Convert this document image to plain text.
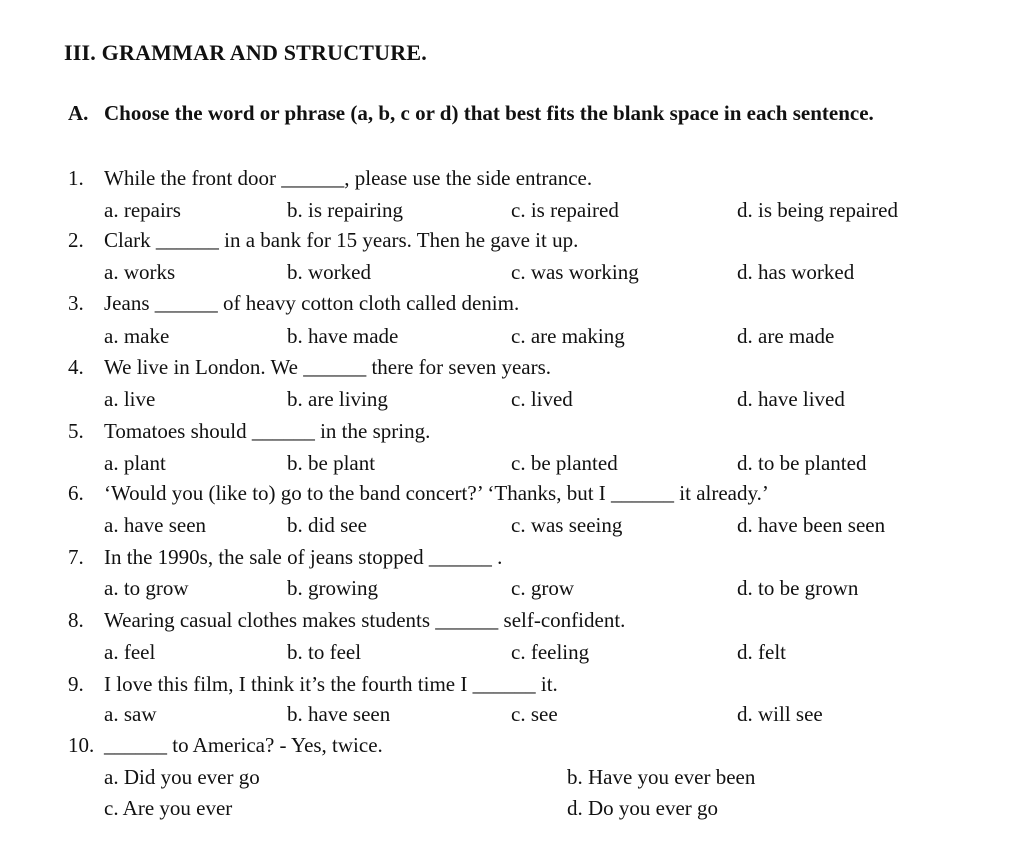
III. GRAMMAR AND STRUCTURE.
A. Choose the word or phrase (a, b, c or d) that best fits the blank space in each sentence.
1. While the front door ______, please use the side entrance.
a. repairs	b. is repairing	c. is repaired	d. is being repaired
2. Clark ______ in a bank for 15 years. Then he gave it up.
a. works	b. worked	c. was working	d. has worked
3. Jeans ______ of heavy cotton cloth called denim.
a. make	b. have made	c. are making	d. are made
4. We live in London. We ______ there for seven years.
a. live	b. are living	c. lived	d. have lived
5. Tomatoes should ______ in the spring.
a. plant	b. be plant	c. be planted	d. to be planted
6. ‘Would you (like to) go to the band concert?’ ‘Thanks, but I ______ it already.’
a. have seen	b. did see	c. was seeing	d. have been seen
7. In the 1990s, the sale of jeans stopped ______ .
a. to grow	b. growing	c. grow	d. to be grown
8. Wearing casual clothes makes students ______ self-confident.
a. feel	b. to feel	c. feeling	d. felt
9. I love this film, I think it’s the fourth time I ______ it.
a. saw	b. have seen	c. see	d. will see
10. ______ to America? - Yes, twice.
a. Did you ever go	b. Have you ever been
c. Are you ever	d. Do you ever go
